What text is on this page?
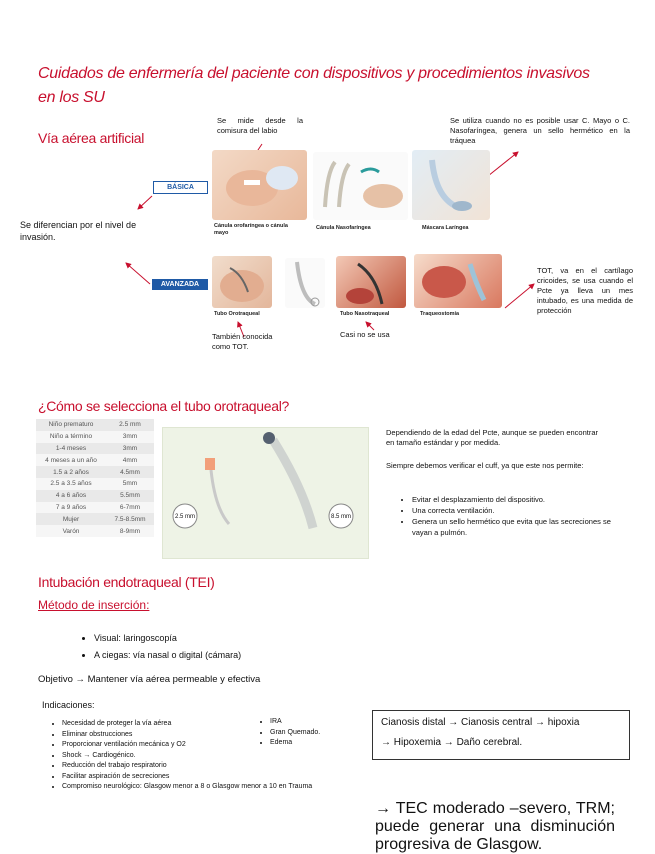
Cuidados de enfermería del paciente con dispositivos y procedimientos invasivos
en los SU
Vía aérea artificial
Se mide desde la comisura del labio
Se utiliza cuando no es posible usar C. Mayo o C. Nasofaríngea, genera un sello hermético en la tráquea
Se diferencian por el nivel de invasión.
BÁSICA
AVANZADA
Cánula orofaríngea o cánula mayo
Cánula Nasofaríngea	Máscara Laríngea
Tubo Orotraqueal	Tubo Nasotraqueal	Traqueostomía
También conocida como TOT.
Casi no se usa
TOT, va en el cartílago cricoides, se usa cuando el Pcte ya lleva un mes intubado, es una medida de protección
¿Cómo se selecciona el tubo orotraqueal?
Niño prematuro	2.5 mm
Niño a término	3mm
1-4 meses	3mm
4 meses a un año	4mm
1.5 a 2 años	4.5mm
2.5 a 3.5 años	5mm
4 a 6 años	5.5mm
7 a 9 años	6-7mm
Mujer	7.5-8.5mm
Varón	8-9mm
2.5 mm	8.5 mm
Dependiendo de la edad del Pcte, aunque se pueden encontrar en tamaño estándar y por medida.
Siempre debemos verificar el cuff, ya que este nos permite:
• Evitar el desplazamiento del dispositivo.
• Una correcta ventilación.
• Genera un sello hermético que evita que las secreciones se vayan a pulmón.
Intubación endotraqueal (TEI)
Método de inserción:
• Visual: laringoscopía
• A ciegas: vía nasal o digital (cámara)
Objetivo → Mantener vía aérea permeable y efectiva
Indicaciones:
• Necesidad de proteger la vía aérea
• Eliminar obstrucciones
• Proporcionar ventilación mecánica y O2
• Shock → Cardiogénico.
• Reducción del trabajo respiratorio
• Facilitar aspiración de secreciones
• Compromiso neurológico: Glasgow menor a 8 o Glasgow menor a 10 en Trauma
• IRA
• Gran Quemado.
• Edema
Cianosis distal → Cianosis central → hipoxia
→ Hipoxemia → Daño cerebral.
→ TEC moderado –severo, TRM; puede generar una disminución progresiva de Glasgow.
